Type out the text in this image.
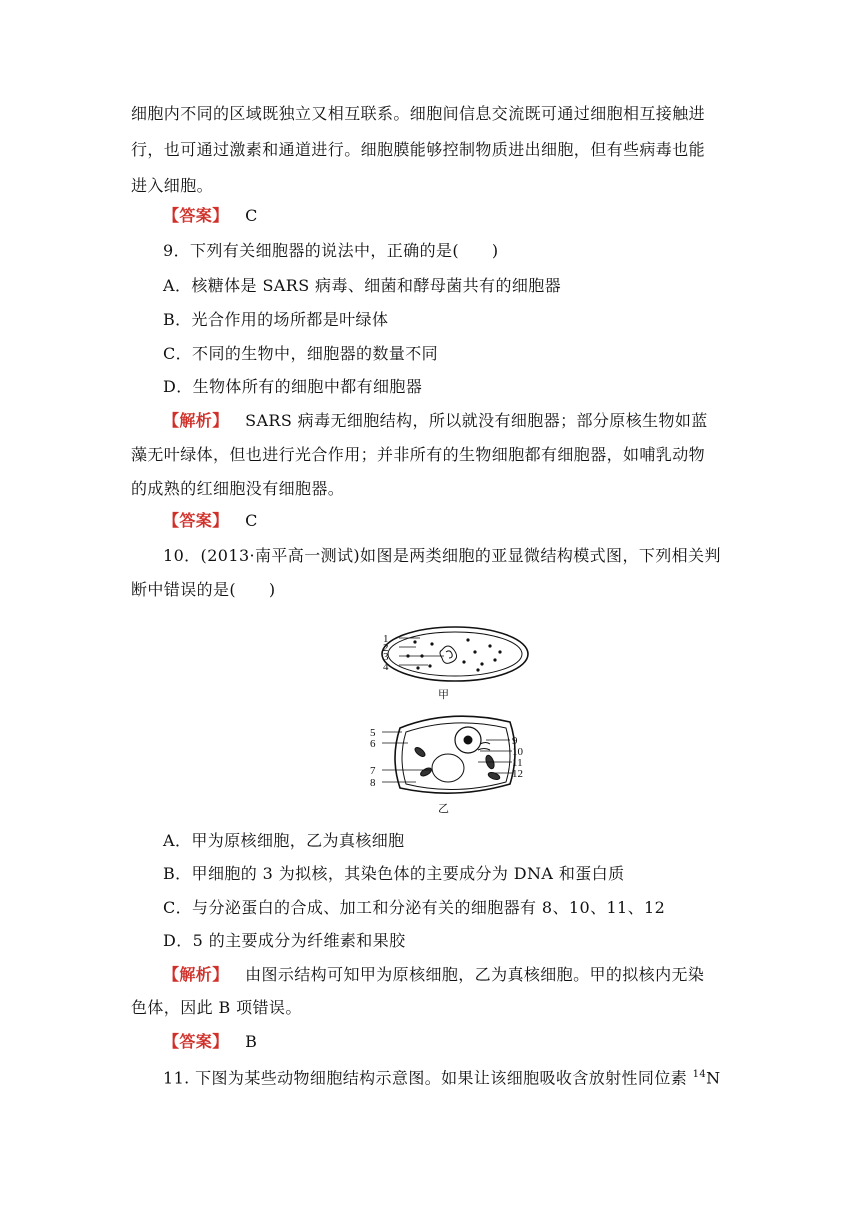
细胞内不同的区域既独立又相互联系。细胞间信息交流既可通过细胞相互接触进
行，也可通过激素和通道进行。细胞膜能够控制物质进出细胞，但有些病毒也能
进入细胞。
【答案】 C
9．下列有关细胞器的说法中，正确的是(　　)
A．核糖体是 SARS 病毒、细菌和酵母菌共有的细胞器
B．光合作用的场所都是叶绿体
C．不同的生物中，细胞器的数量不同
D．生物体所有的细胞中都有细胞器
【解析】 SARS 病毒无细胞结构，所以就没有细胞器；部分原核生物如蓝
藻无叶绿体，但也进行光合作用；并非所有的生物细胞都有细胞器，如哺乳动物
的成熟的红细胞没有细胞器。
【答案】 C
10．(2013·南平高一测试)如图是两类细胞的亚显微结构模式图，下列相关判
断中错误的是(　　)
1
2
3
4
甲
5
6
7
8
9
10
11
12
乙
A．甲为原核细胞，乙为真核细胞
B．甲细胞的 3 为拟核，其染色体的主要成分为 DNA 和蛋白质
C．与分泌蛋白的合成、加工和分泌有关的细胞器有 8、10、11、12
D．5 的主要成分为纤维素和果胶
【解析】 由图示结构可知甲为原核细胞，乙为真核细胞。甲的拟核内无染
色体，因此 B 项错误。
【答案】 B
11. 下图为某些动物细胞结构示意图。如果让该细胞吸收含放射性同位素 $^{14}$N
